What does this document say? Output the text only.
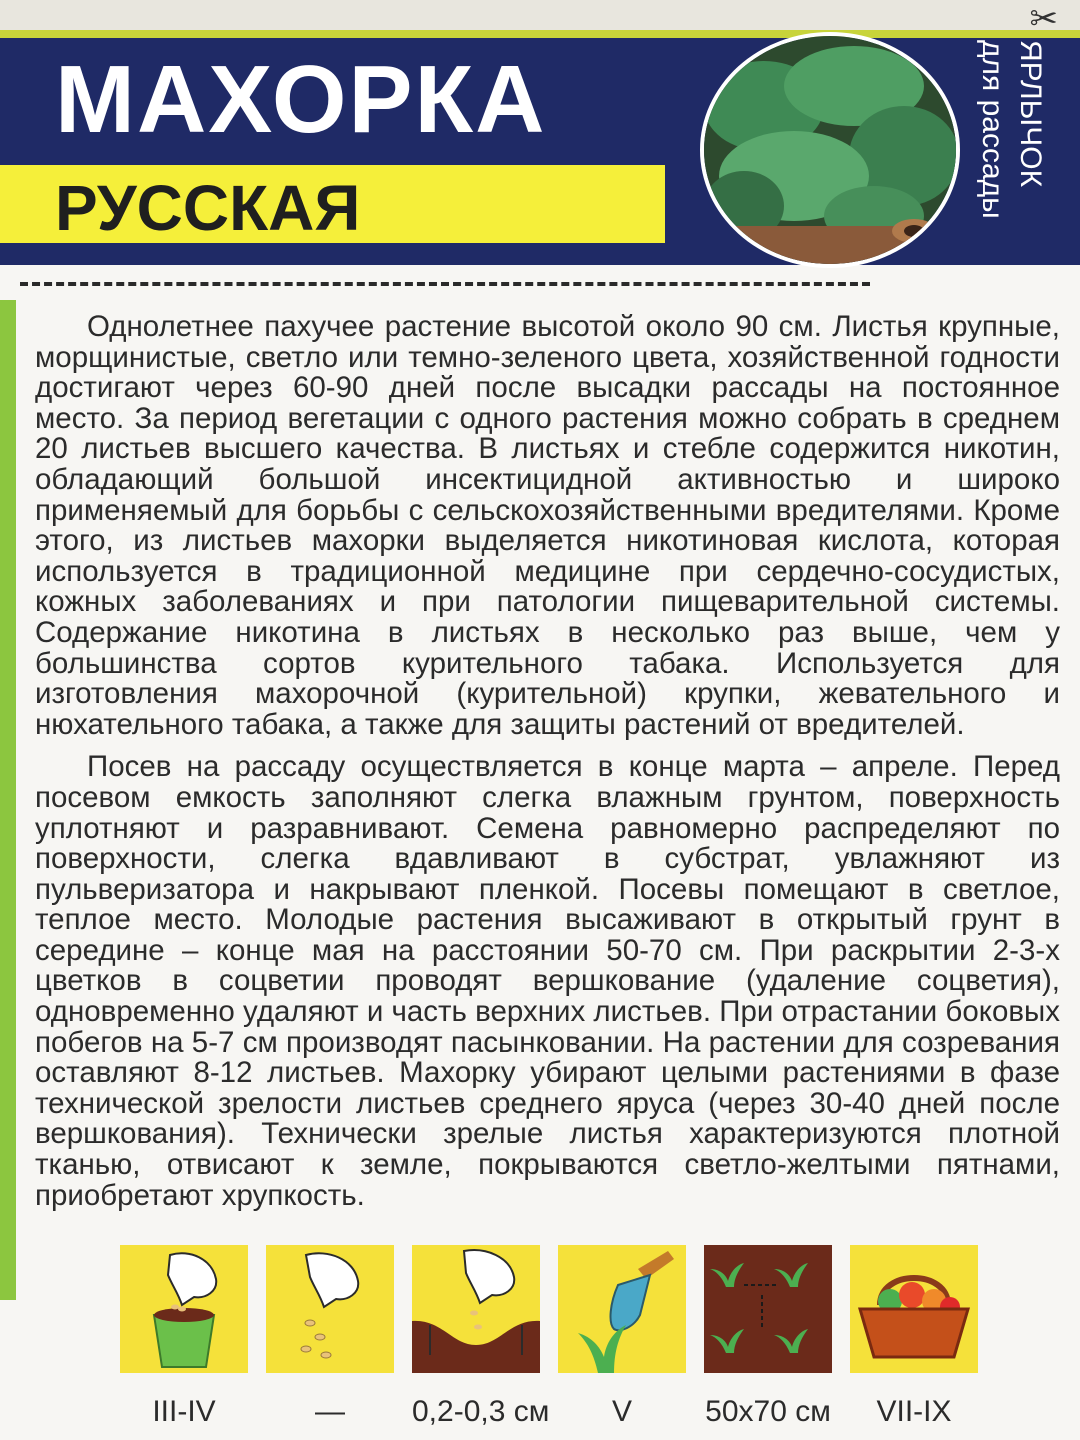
✂
МАХОРКА
РУССКАЯ
ЯРЛЫЧОК
для рассады

Однолетнее пахучее растение высотой около 90 см. Листья крупные, морщинистые, светло или темно-зеленого цвета, хозяйственной годности достигают через 60-90 дней после высадки рассады на постоянное место. За период вегетации с одного растения можно собрать в среднем 20 листьев высшего качества. В листьях и стебле содержится никотин, обладающий большой инсектицидной активностью и широко применяемый для борьбы с сельскохозяйственными вредителями. Кроме этого, из листьев махорки выделяется никотиновая кислота, которая используется в традиционной медицине при сердечно-сосудистых, кожных заболеваниях и при патологии пищеварительной системы. Содержание никотина в листьях в несколько раз выше, чем у большинства сортов курительного табака. Используется для изготовления махорочной (курительной) крупки, жевательного и нюхательного табака, а также для защиты растений от вредителей.

Посев на рассаду осуществляется в конце марта – апреле. Перед посевом емкость заполняют слегка влажным грунтом, поверхность уплотняют и разравнивают. Семена равномерно распределяют по поверхности, слегка вдавливают в субстрат, увлажняют из пульверизатора и накрывают пленкой. Посевы помещают в светлое, теплое место. Молодые растения высаживают в открытый грунт в середине – конце мая на расстоянии 50-70 см. При раскрытии 2-3-х цветков в соцветии проводят вершкование (удаление соцветия), одновременно удаляют и часть верхних листьев. При отрастании боковых побегов на 5-7 см производят пасынковании. На растении для созревания оставляют 8-12 листьев. Махорку убирают целыми растениями в фазе технической зрелости листьев среднего яруса (через 30-40 дней после вершкования). Технически зрелые листья характеризуются плотной тканью, отвисают к земле, покрываются светло-желтыми пятнами, приобретают хрупкость.

III-IV	—	0,2-0,3 см	V	50x70 см	VII-IX
